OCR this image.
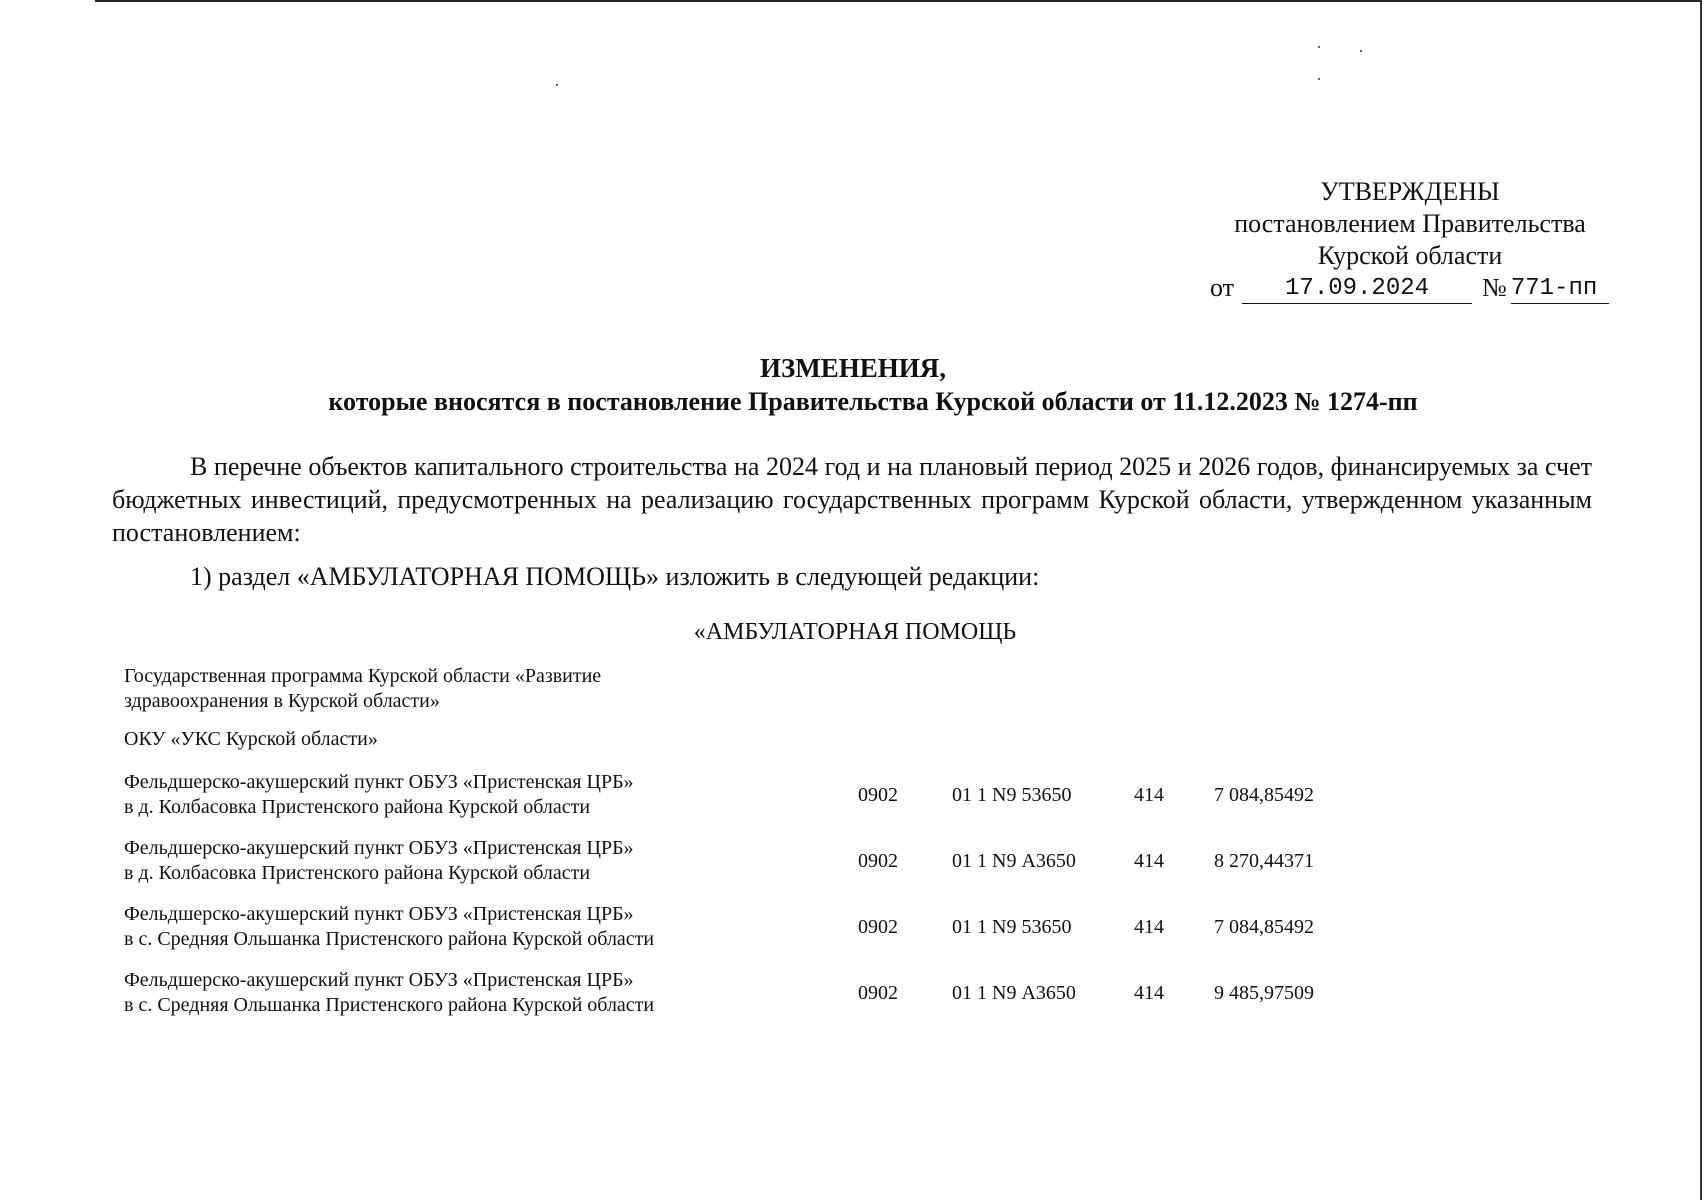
УТВЕРЖДЕНЫ
постановлением Правительства
Курской области
от	17.09.2024	№ 771-пп
ИЗМЕНЕНИЯ,
которые вносятся в постановление Правительства Курской области от 11.12.2023 № 1274-пп

В перечне объектов капитального строительства на 2024 год и на плановый период 2025 и 2026 годов, финансируемых за счет бюджетных инвестиций, предусмотренных на реализацию государственных программ Курской области, утвержденном указанным постановлением:

1) раздел «АМБУЛАТОРНАЯ ПОМОЩЬ» изложить в следующей редакции:
«АМБУЛАТОРНАЯ ПОМОЩЬ
Государственная программа Курской области «Развитие здравоохранения в Курской области»
ОКУ «УКС Курской области»
Фельдшерско-акушерский пункт ОБУЗ «Пристенская ЦРБ»
в д. Колбасовка Пристенского района Курской области
0902	01 1 N9 53650	414	7 084,85492
Фельдшерско-акушерский пункт ОБУЗ «Пристенская ЦРБ»
в д. Колбасовка Пристенского района Курской области
0902	01 1 N9 А3650	414	8 270,44371
Фельдшерско-акушерский пункт ОБУЗ «Пристенская ЦРБ»
в с. Средняя Ольшанка Пристенского района Курской области
0902	01 1 N9 53650	414	7 084,85492
Фельдшерско-акушерский пункт ОБУЗ «Пристенская ЦРБ»
в с. Средняя Ольшанка Пристенского района Курской области
0902	01 1 N9 А3650	414	9 485,97509
